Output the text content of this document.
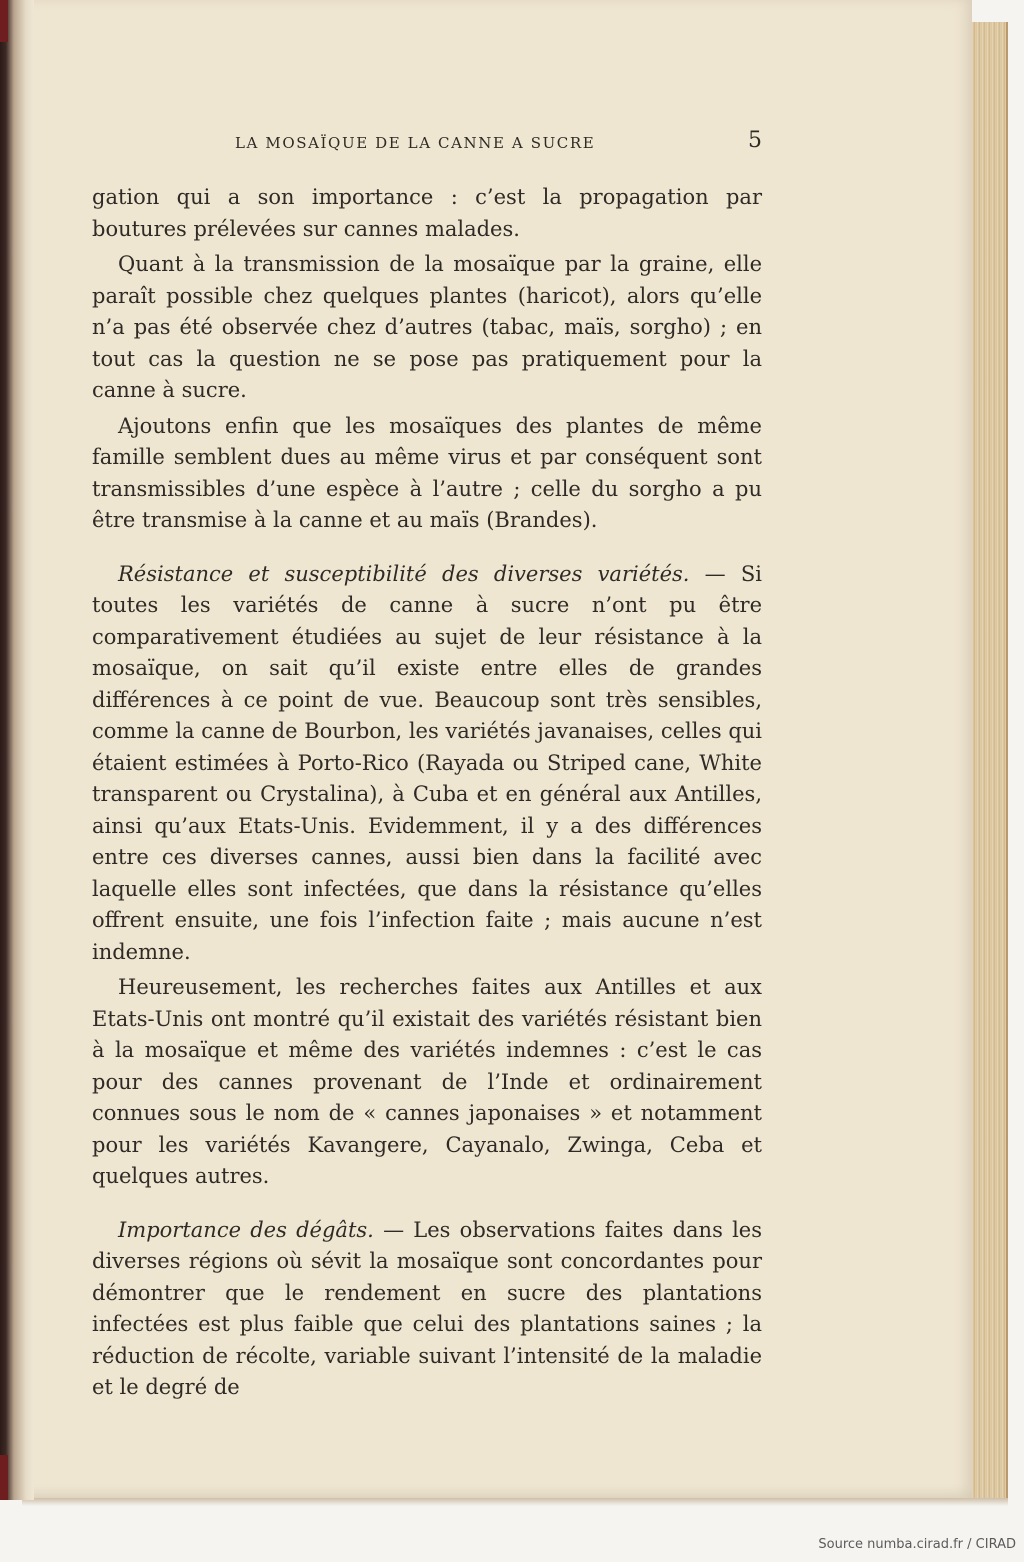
LA MOSAÏQUE DE LA CANNE A SUCRE	5

gation qui a son importance : c’est la propagation par boutures prélevées sur cannes malades.

Quant à la transmission de la mosaïque par la graine, elle paraît possible chez quelques plantes (haricot), alors qu’elle n’a pas été observée chez d’autres (tabac, maïs, sorgho) ; en tout cas la question ne se pose pas pratiquement pour la canne à sucre.

Ajoutons enfin que les mosaïques des plantes de même famille semblent dues au même virus et par conséquent sont transmissibles d’une espèce à l’autre ; celle du sorgho a pu être transmise à la canne et au maïs (Brandes).

Résistance et susceptibilité des diverses variétés. — Si toutes les variétés de canne à sucre n’ont pu être comparativement étudiées au sujet de leur résistance à la mosaïque, on sait qu’il existe entre elles de grandes différences à ce point de vue. Beaucoup sont très sensibles, comme la canne de Bourbon, les variétés javanaises, celles qui étaient estimées à Porto-Rico (Rayada ou Striped cane, White transparent ou Crystalina), à Cuba et en général aux Antilles, ainsi qu’aux Etats-Unis. Evidemment, il y a des différences entre ces diverses cannes, aussi bien dans la facilité avec laquelle elles sont infectées, que dans la résistance qu’elles offrent ensuite, une fois l’infection faite ; mais aucune n’est indemne.

Heureusement, les recherches faites aux Antilles et aux Etats-Unis ont montré qu’il existait des variétés résistant bien à la mosaïque et même des variétés indemnes : c’est le cas pour des cannes provenant de l’Inde et ordinairement connues sous le nom de « cannes japonaises » et notamment pour les variétés Kavangere, Cayanalo, Zwinga, Ceba et quelques autres.

Importance des dégâts. — Les observations faites dans les diverses régions où sévit la mosaïque sont concordantes pour démontrer que le rendement en sucre des plantations infectées est plus faible que celui des plantations saines ; la réduction de récolte, variable suivant l’intensité de la maladie et le degré de

Source numba.cirad.fr / CIRAD
